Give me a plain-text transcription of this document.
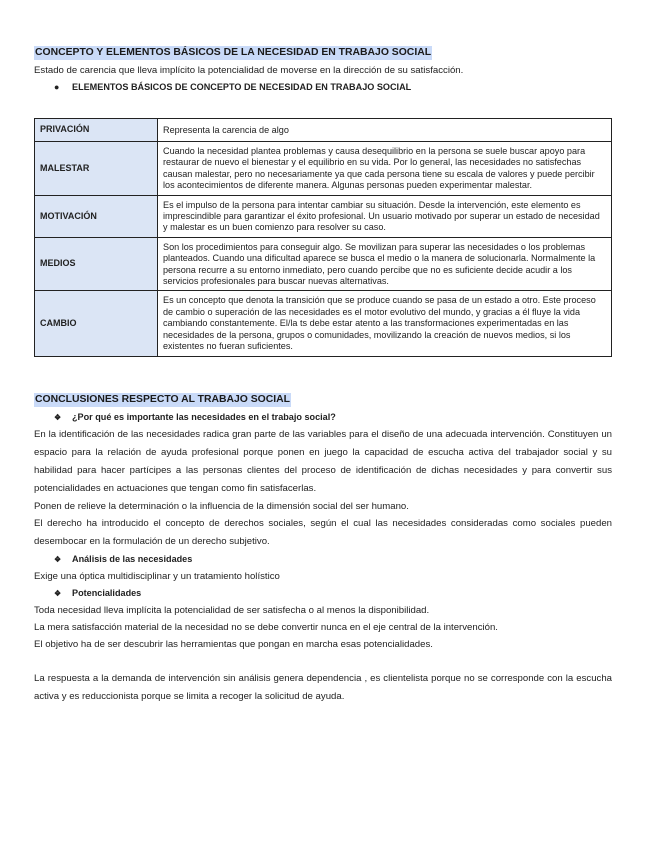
CONCEPTO Y ELEMENTOS BÁSICOS DE LA NECESIDAD EN TRABAJO SOCIAL

Estado de carencia que lleva implícito la potencialidad de moverse en la dirección de su satisfacción.

● ELEMENTOS BÁSICOS DE CONCEPTO DE NECESIDAD EN TRABAJO SOCIAL
PRIVACIÓN	Representa la carencia de algo
MALESTAR	Cuando la necesidad plantea problemas y causa desequilibrio en la persona se suele buscar apoyo para restaurar de nuevo el bienestar y el equilibrio en su vida. Por lo general, las necesidades no satisfechas causan malestar, pero no necesariamente ya que cada persona tiene su escala de valores y puede percibir los acontecimientos de diferente manera. Algunas personas pueden experimentar malestar.
MOTIVACIÓN	Es el impulso de la persona para intentar cambiar su situación. Desde la intervención, este elemento es imprescindible para garantizar el éxito profesional. Un usuario motivado por superar un estado de necesidad y malestar es un buen comienzo para resolver su caso.
MEDIOS	Son los procedimientos para conseguir algo. Se movilizan para superar las necesidades o los problemas planteados. Cuando una dificultad aparece se busca el medio o la manera de solucionarla. Normalmente la persona recurre a su entorno inmediato, pero cuando percibe que no es suficiente decide acudir a los servicios profesionales para buscar nuevas alternativas.
CAMBIO	Es un concepto que denota la transición que se produce cuando se pasa de un estado a otro. Este proceso de cambio o superación de las necesidades es el motor evolutivo del mundo, y gracias a él fluye la vida cambiando constantemente. El/la ts debe estar atento a las transformaciones experimentadas en las necesidades de la persona, grupos o comunidades, movilizando la creación de nuevos medios, si los existentes no fueran suficientes.
CONCLUSIONES RESPECTO AL TRABAJO SOCIAL
❖ ¿Por qué es importante las necesidades en el trabajo social?

En la identificación de las necesidades radica gran parte de las variables para el diseño de una adecuada intervención. Constituyen un espacio para la relación de ayuda profesional porque ponen en juego la capacidad de escucha activa del trabajador social y su habilidad para hacer partícipes a las personas clientes del proceso de identificación de dichas necesidades y para convertir sus potencialidades en actuaciones que tengan como fin satisfacerlas.

Ponen de relieve la determinación o la influencia de la dimensión social del ser humano.

El derecho ha introducido el concepto de derechos sociales, según el cual las necesidades consideradas como sociales pueden desembocar en la formulación de un derecho subjetivo.

❖ Análisis de las necesidades

Exige una óptica multidisciplinar y un tratamiento holístico

❖ Potencialidades

Toda necesidad lleva implícita la potencialidad de ser satisfecha o al menos la disponibilidad.

La mera satisfacción material de la necesidad no se debe convertir nunca en el eje central de la intervención.

El objetivo ha de ser descubrir las herramientas que pongan en marcha esas potencialidades.

La respuesta a la demanda de intervención sin análisis genera dependencia , es clientelista porque no se corresponde con la escucha activa y es reduccionista porque se limita a recoger la solicitud de ayuda.
